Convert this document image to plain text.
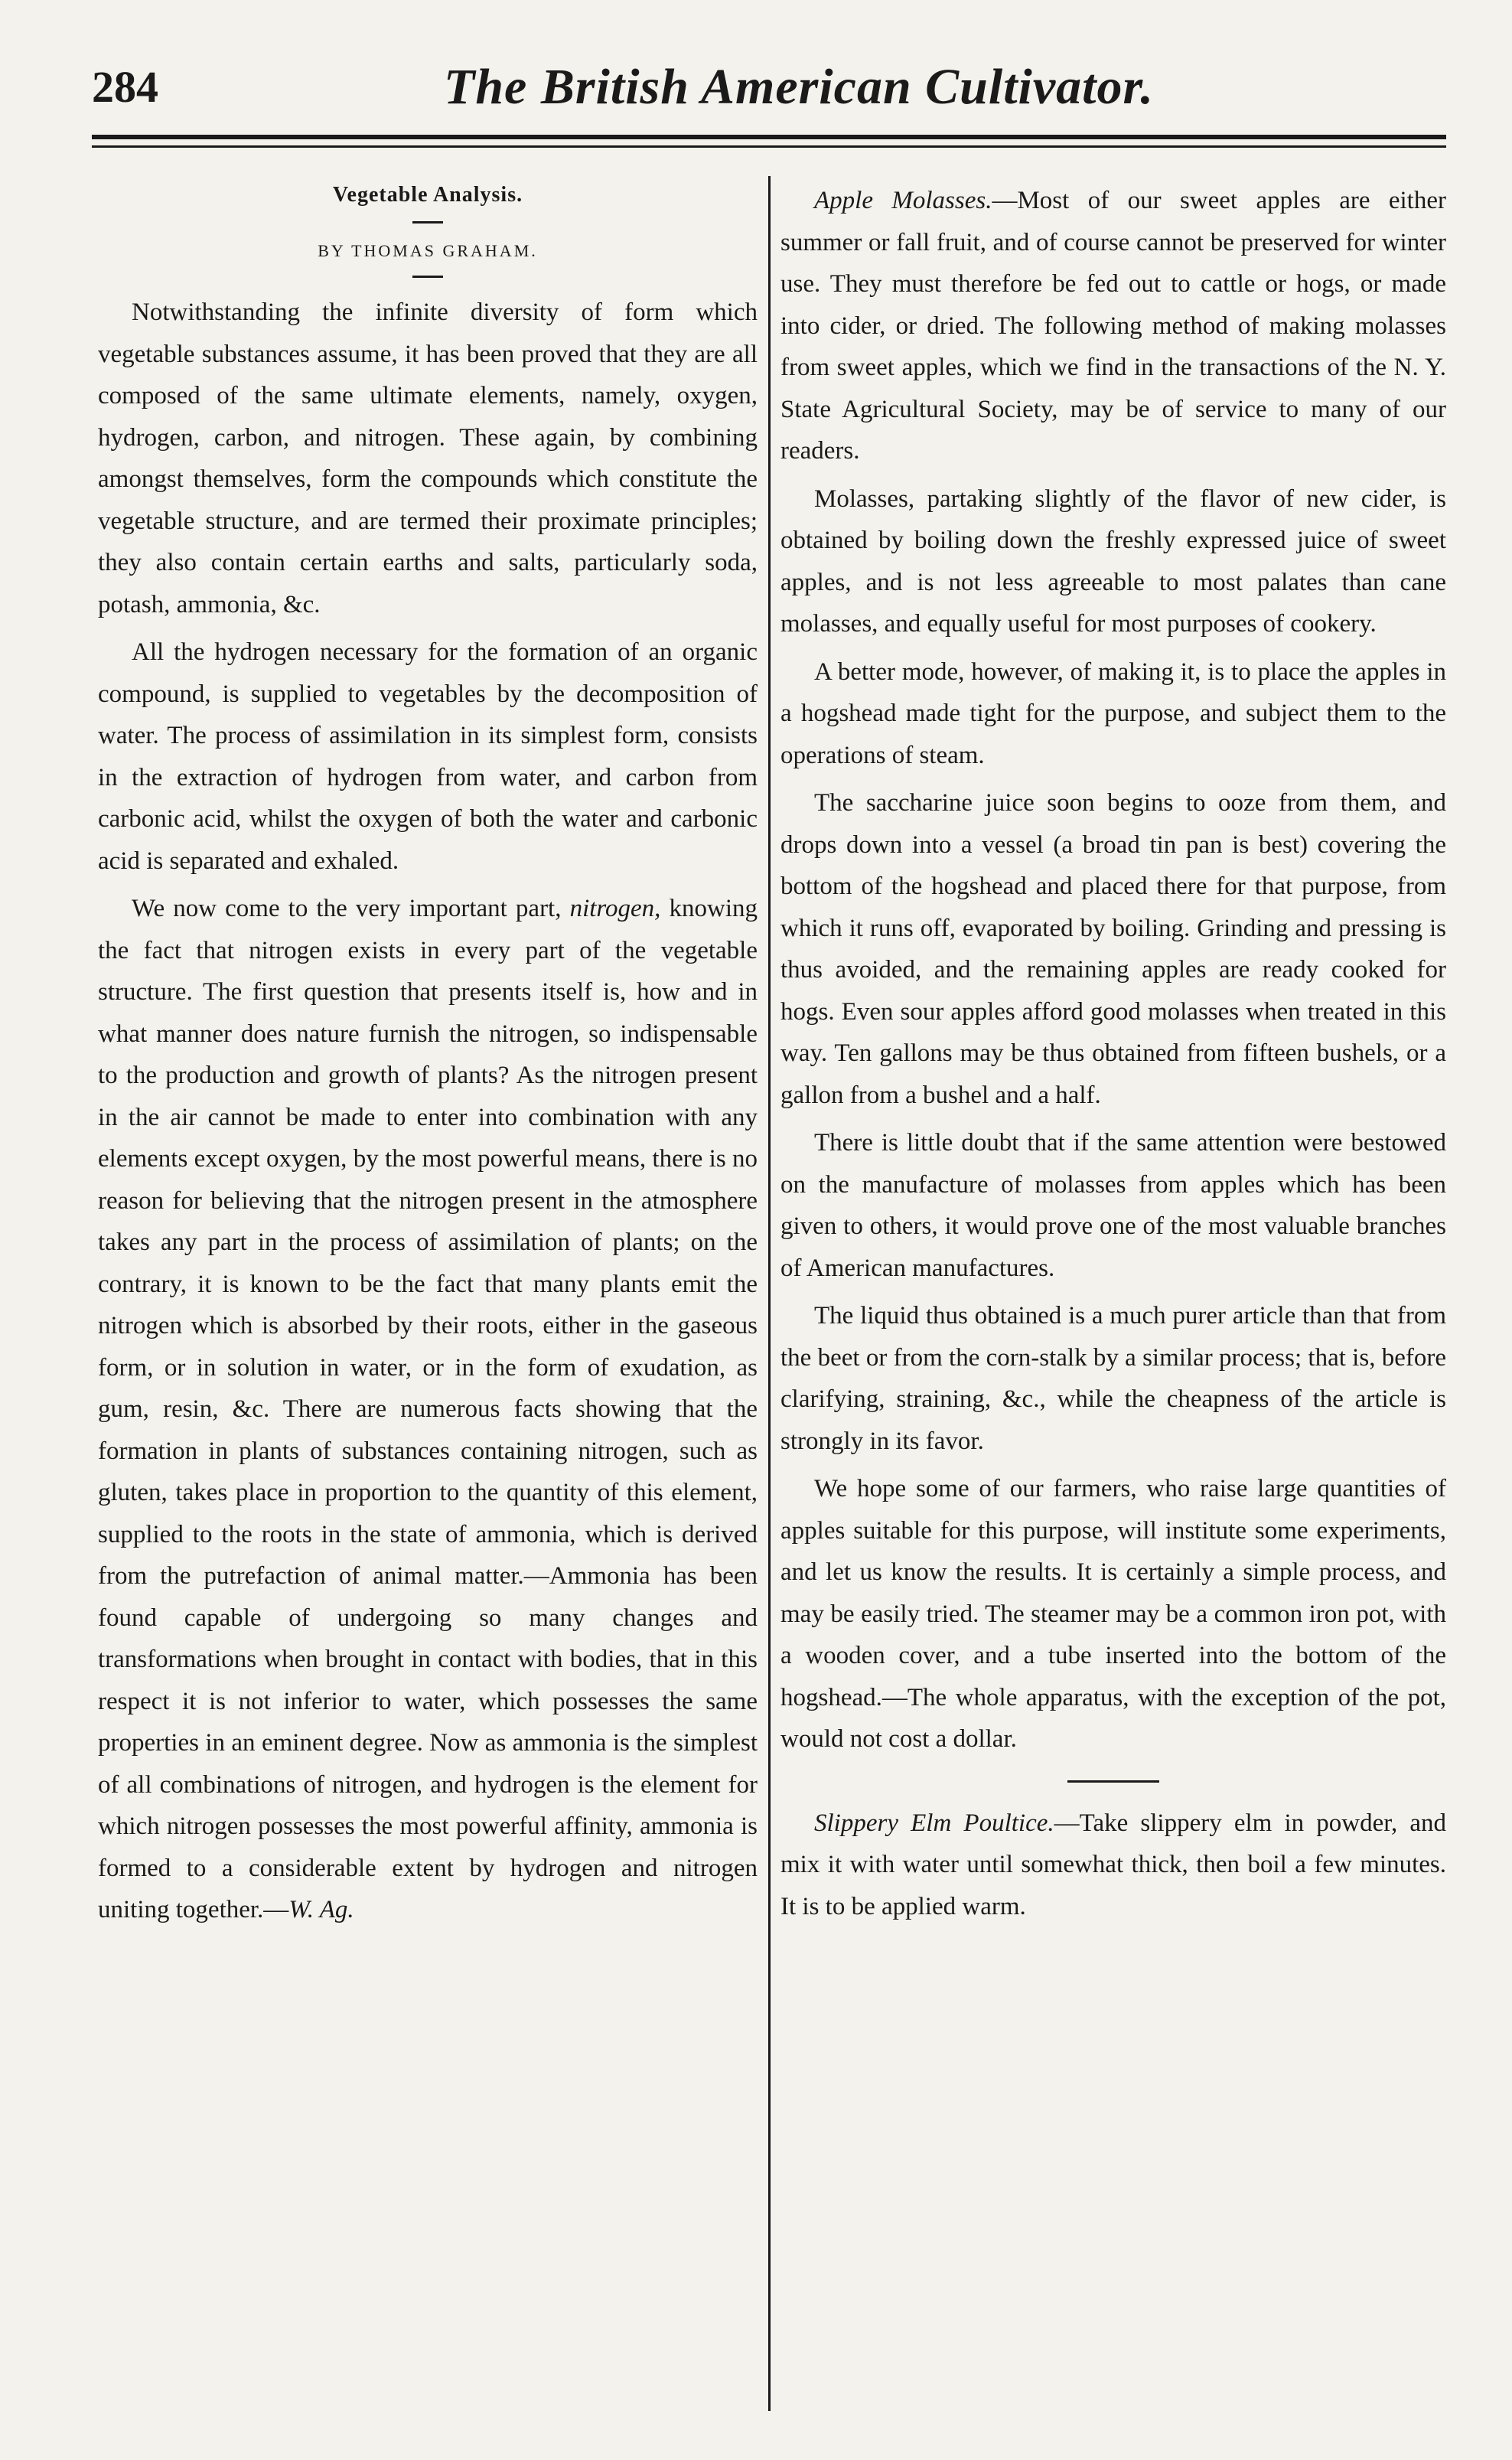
284	The British American Cultivator.

Vegetable Analysis.

BY THOMAS GRAHAM.

Notwithstanding the infinite diversity of form which vegetable substances assume, it has been proved that they are all composed of the same ultimate elements, namely, oxygen, hydrogen, carbon, and nitrogen. These again, by combining amongst themselves, form the compounds which constitute the vegetable structure, and are termed their proximate principles; they also contain certain earths and salts, particularly soda, potash, ammonia, &c.

All the hydrogen necessary for the formation of an organic compound, is supplied to vegetables by the decomposition of water. The process of assimilation in its simplest form, consists in the extraction of hydrogen from water, and carbon from carbonic acid, whilst the oxygen of both the water and carbonic acid is separated and exhaled.

We now come to the very important part, nitrogen, knowing the fact that nitrogen exists in every part of the vegetable structure. The first question that presents itself is, how and in what manner does nature furnish the nitrogen, so indispensable to the production and growth of plants? As the nitrogen present in the air cannot be made to enter into combination with any elements except oxygen, by the most powerful means, there is no reason for believing that the nitrogen present in the atmosphere takes any part in the process of assimilation of plants; on the contrary, it is known to be the fact that many plants emit the nitrogen which is absorbed by their roots, either in the gaseous form, or in solution in water, or in the form of exudation, as gum, resin, &c. There are numerous facts showing that the formation in plants of substances containing nitrogen, such as gluten, takes place in proportion to the quantity of this element, supplied to the roots in the state of ammonia, which is derived from the putrefaction of animal matter.—Ammonia has been found capable of undergoing so many changes and transformations when brought in contact with bodies, that in this respect it is not inferior to water, which possesses the same properties in an eminent degree. Now as ammonia is the simplest of all combinations of nitrogen, and hydrogen is the element for which nitrogen possesses the most powerful affinity, ammonia is formed to a considerable extent by hydrogen and nitrogen uniting together.—W. Ag.

Apple Molasses.—Most of our sweet apples are either summer or fall fruit, and of course cannot be preserved for winter use. They must therefore be fed out to cattle or hogs, or made into cider, or dried. The following method of making molasses from sweet apples, which we find in the transactions of the N. Y. State Agricultural Society, may be of service to many of our readers.

Molasses, partaking slightly of the flavor of new cider, is obtained by boiling down the freshly expressed juice of sweet apples, and is not less agreeable to most palates than cane molasses, and equally useful for most purposes of cookery.

A better mode, however, of making it, is to place the apples in a hogshead made tight for the purpose, and subject them to the operations of steam.

The saccharine juice soon begins to ooze from them, and drops down into a vessel (a broad tin pan is best) covering the bottom of the hogshead and placed there for that purpose, from which it runs off, evaporated by boiling. Grinding and pressing is thus avoided, and the remaining apples are ready cooked for hogs. Even sour apples afford good molasses when treated in this way. Ten gallons may be thus obtained from fifteen bushels, or a gallon from a bushel and a half.

There is little doubt that if the same attention were bestowed on the manufacture of molasses from apples which has been given to others, it would prove one of the most valuable branches of American manufactures.

The liquid thus obtained is a much purer article than that from the beet or from the corn-stalk by a similar process; that is, before clarifying, straining, &c., while the cheapness of the article is strongly in its favor.

We hope some of our farmers, who raise large quantities of apples suitable for this purpose, will institute some experiments, and let us know the results. It is certainly a simple process, and may be easily tried. The steamer may be a common iron pot, with a wooden cover, and a tube inserted into the bottom of the hogshead.—The whole apparatus, with the exception of the pot, would not cost a dollar.

Slippery Elm Poultice.—Take slippery elm in powder, and mix it with water until somewhat thick, then boil a few minutes. It is to be applied warm.
